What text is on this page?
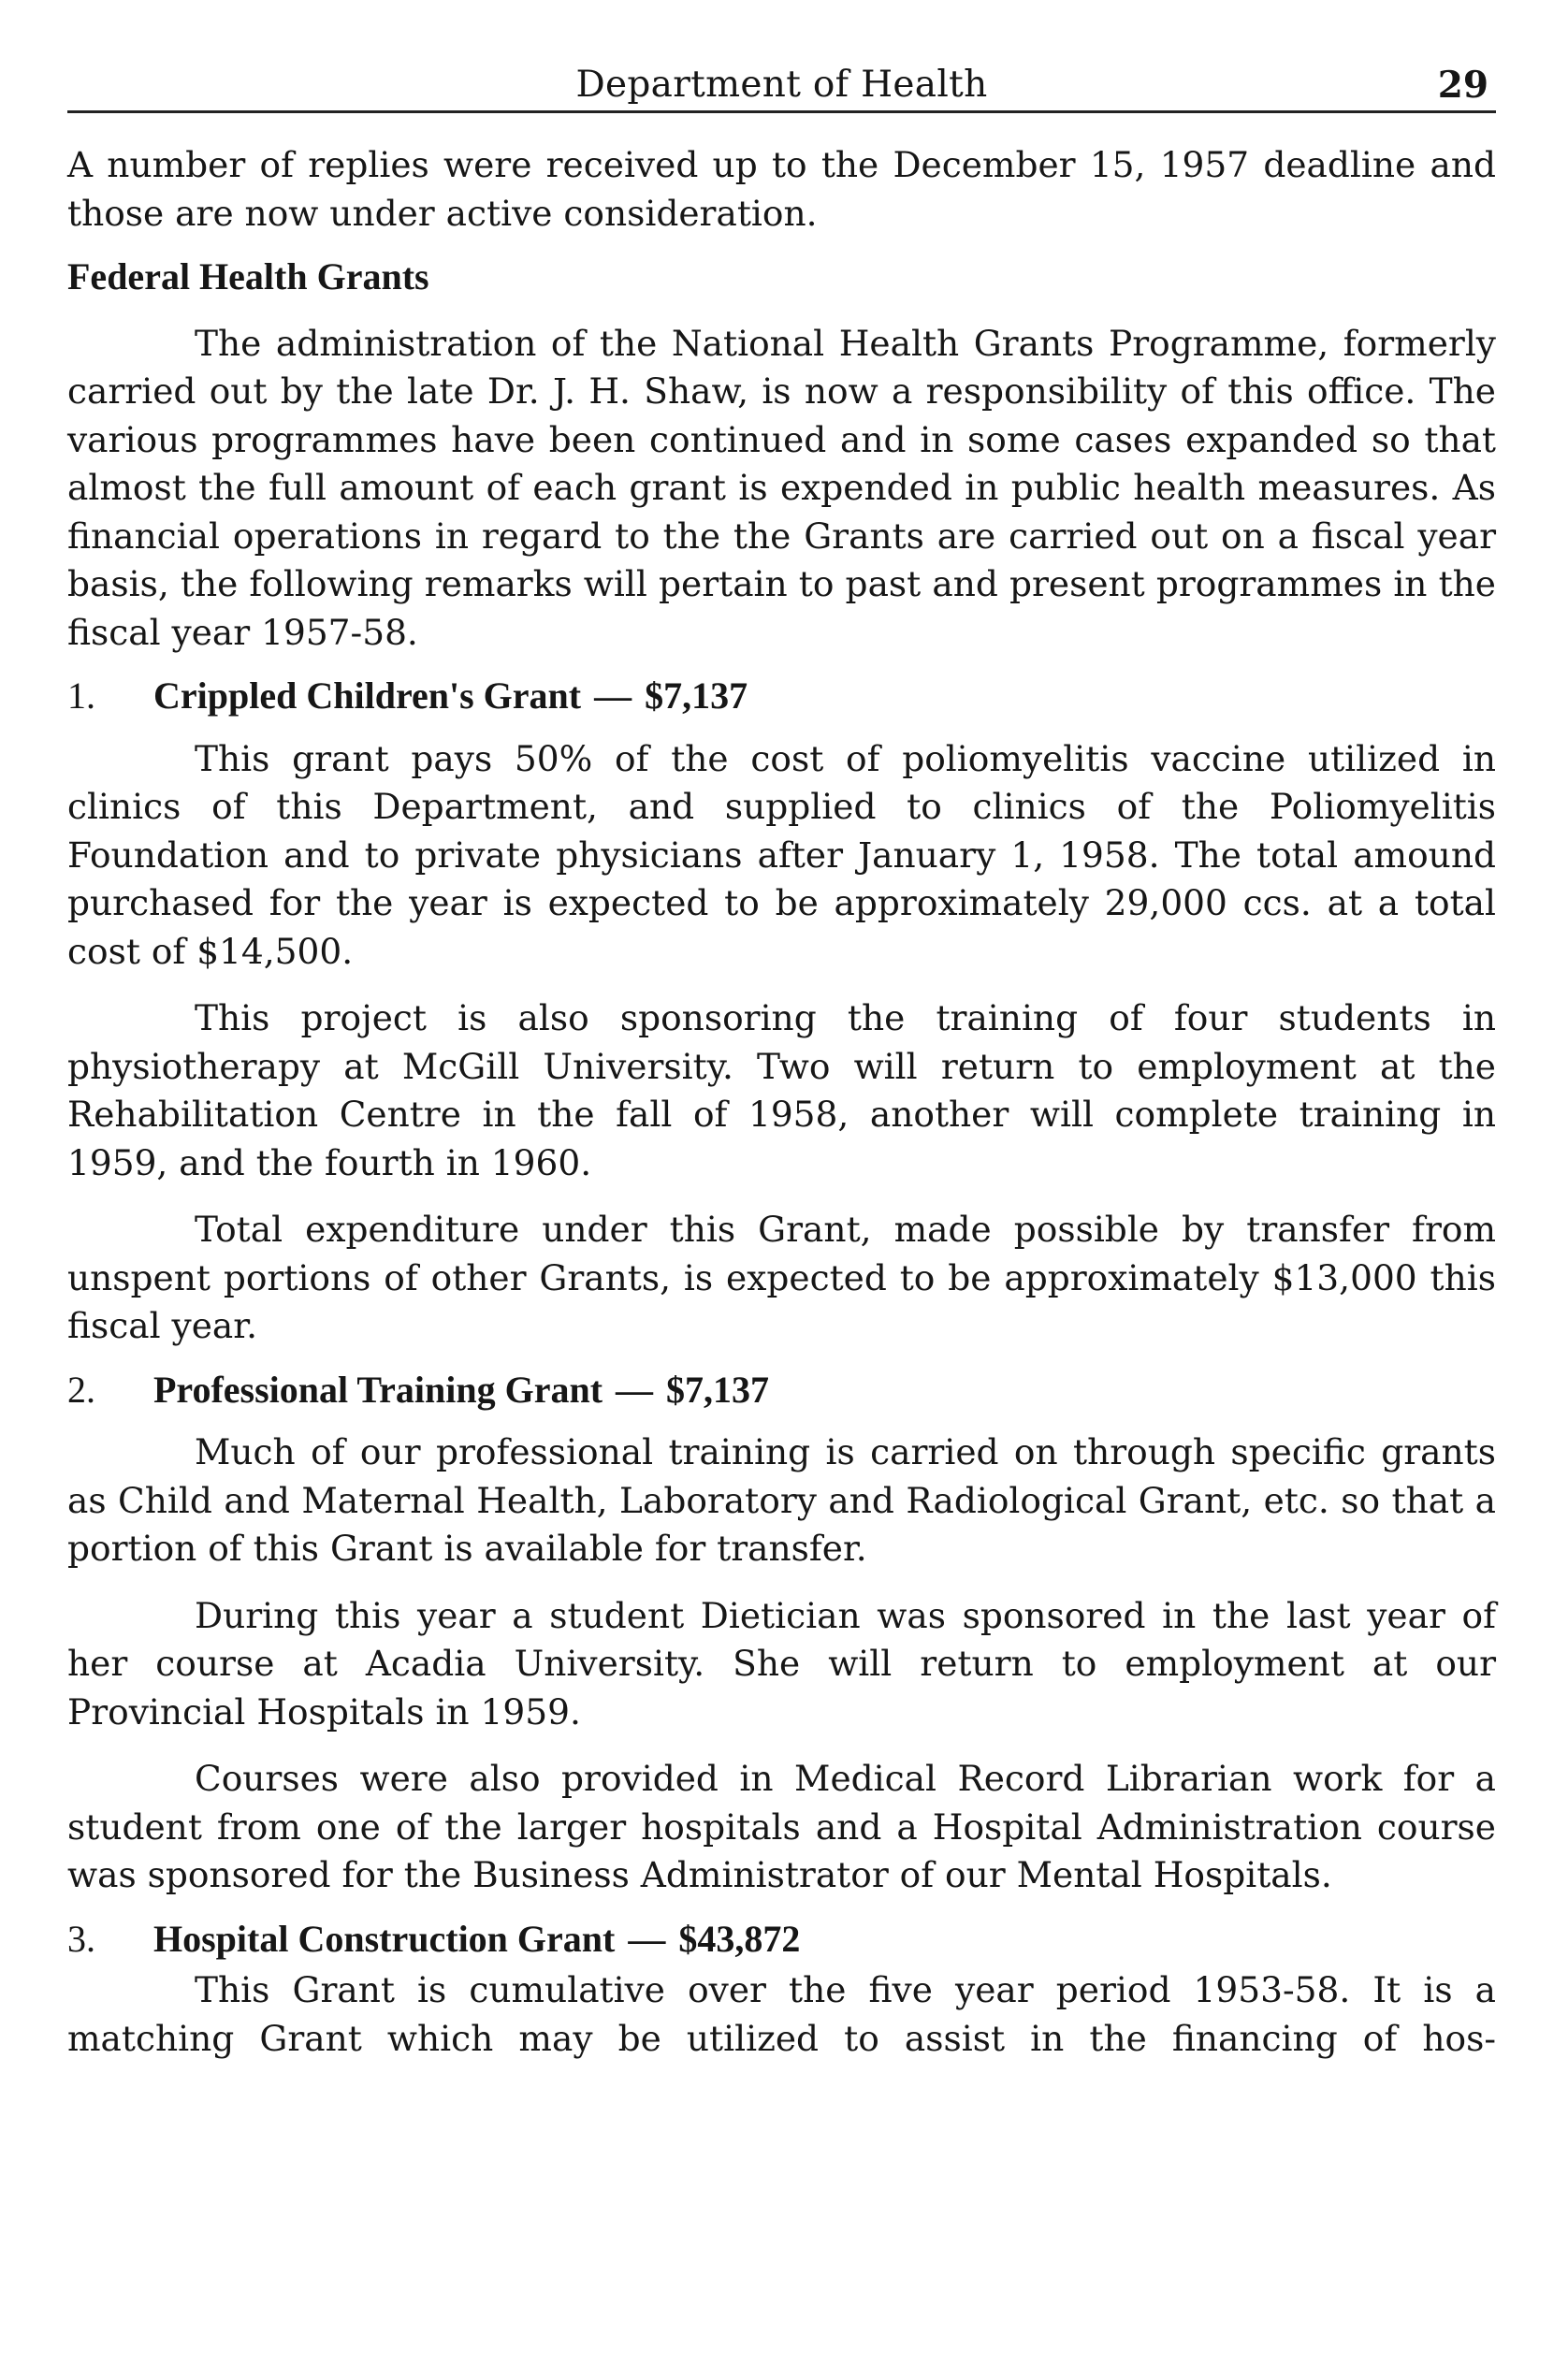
Department of Health	29

A number of replies were received up to the December 15, 1957 deadline and those are now under active consideration.

Federal Health Grants

The administration of the National Health Grants Programme, formerly carried out by the late Dr. J. H. Shaw, is now a responsibility of this office. The various programmes have been continued and in some cases expanded so that almost the full amount of each grant is expended in public health measures. As financial operations in regard to the the Grants are carried out on a fiscal year basis, the following remarks will pertain to past and present programmes in the fiscal year 1957-58.

1. Crippled Children's Grant — $7,137

This grant pays 50% of the cost of poliomyelitis vaccine utilized in clinics of this Department, and supplied to clinics of the Poliomyelitis Foundation and to private physicians after January 1, 1958. The total amound purchased for the year is expected to be approximately 29,000 ccs. at a total cost of $14,500.

This project is also sponsoring the training of four students in physiotherapy at McGill University. Two will return to employment at the Rehabilitation Centre in the fall of 1958, another will complete training in 1959, and the fourth in 1960.

Total expenditure under this Grant, made possible by transfer from unspent portions of other Grants, is expected to be approximately $13,000 this fiscal year.

2. Professional Training Grant — $7,137

Much of our professional training is carried on through specific grants as Child and Maternal Health, Laboratory and Radiological Grant, etc. so that a portion of this Grant is available for transfer.

During this year a student Dietician was sponsored in the last year of her course at Acadia University. She will return to employment at our Provincial Hospitals in 1959.

Courses were also provided in Medical Record Librarian work for a student from one of the larger hospitals and a Hospital Administration course was sponsored for the Business Administrator of our Mental Hospitals.

3. Hospital Construction Grant — $43,872

This Grant is cumulative over the five year period 1953-58. It is a matching Grant which may be utilized to assist in the financing of hos-
